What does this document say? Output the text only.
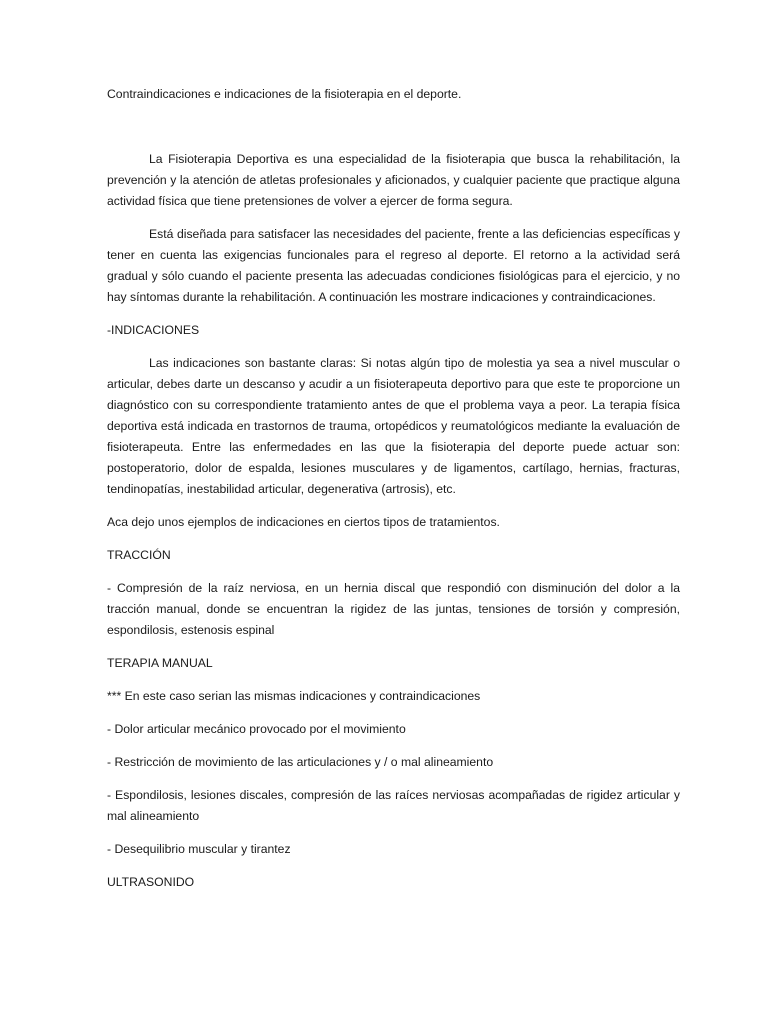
Contraindicaciones e indicaciones de la fisioterapia en el deporte.

La Fisioterapia Deportiva es una especialidad de la fisioterapia que busca la rehabilitación, la prevención y la atención de atletas profesionales y aficionados, y cualquier paciente que practique alguna actividad física que tiene pretensiones de volver a ejercer de forma segura.

Está diseñada para satisfacer las necesidades del paciente, frente a las deficiencias específicas y tener en cuenta las exigencias funcionales para el regreso al deporte. El retorno a la actividad será gradual y sólo cuando el paciente presenta las adecuadas condiciones fisiológicas para el ejercicio, y no hay síntomas durante la rehabilitación. A continuación les mostrare indicaciones y contraindicaciones.

-INDICACIONES

Las indicaciones son bastante claras: Si notas algún tipo de molestia ya sea a nivel muscular o articular, debes darte un descanso y acudir a un fisioterapeuta deportivo para que este te proporcione un diagnóstico con su correspondiente tratamiento antes de que el problema vaya a peor. La terapia física deportiva está indicada en trastornos de trauma, ortopédicos y reumatológicos mediante la evaluación de fisioterapeuta. Entre las enfermedades en las que la fisioterapia del deporte puede actuar son: postoperatorio, dolor de espalda, lesiones musculares y de ligamentos, cartílago, hernias, fracturas, tendinopatías, inestabilidad articular, degenerativa (artrosis), etc.

Aca dejo unos ejemplos de indicaciones en ciertos tipos de tratamientos.

TRACCIÓN

- Compresión de la raíz nerviosa, en un hernia discal que respondió con disminución del dolor a la tracción manual, donde se encuentran la rigidez de las juntas, tensiones de torsión y compresión, espondilosis, estenosis espinal

TERAPIA MANUAL

*** En este caso serian las mismas indicaciones y contraindicaciones

- Dolor articular mecánico provocado por el movimiento

- Restricción de movimiento de las articulaciones y / o mal alineamiento

- Espondilosis, lesiones discales, compresión de las raíces nerviosas acompañadas de rigidez articular y mal alineamiento

- Desequilibrio muscular y tirantez

ULTRASONIDO
